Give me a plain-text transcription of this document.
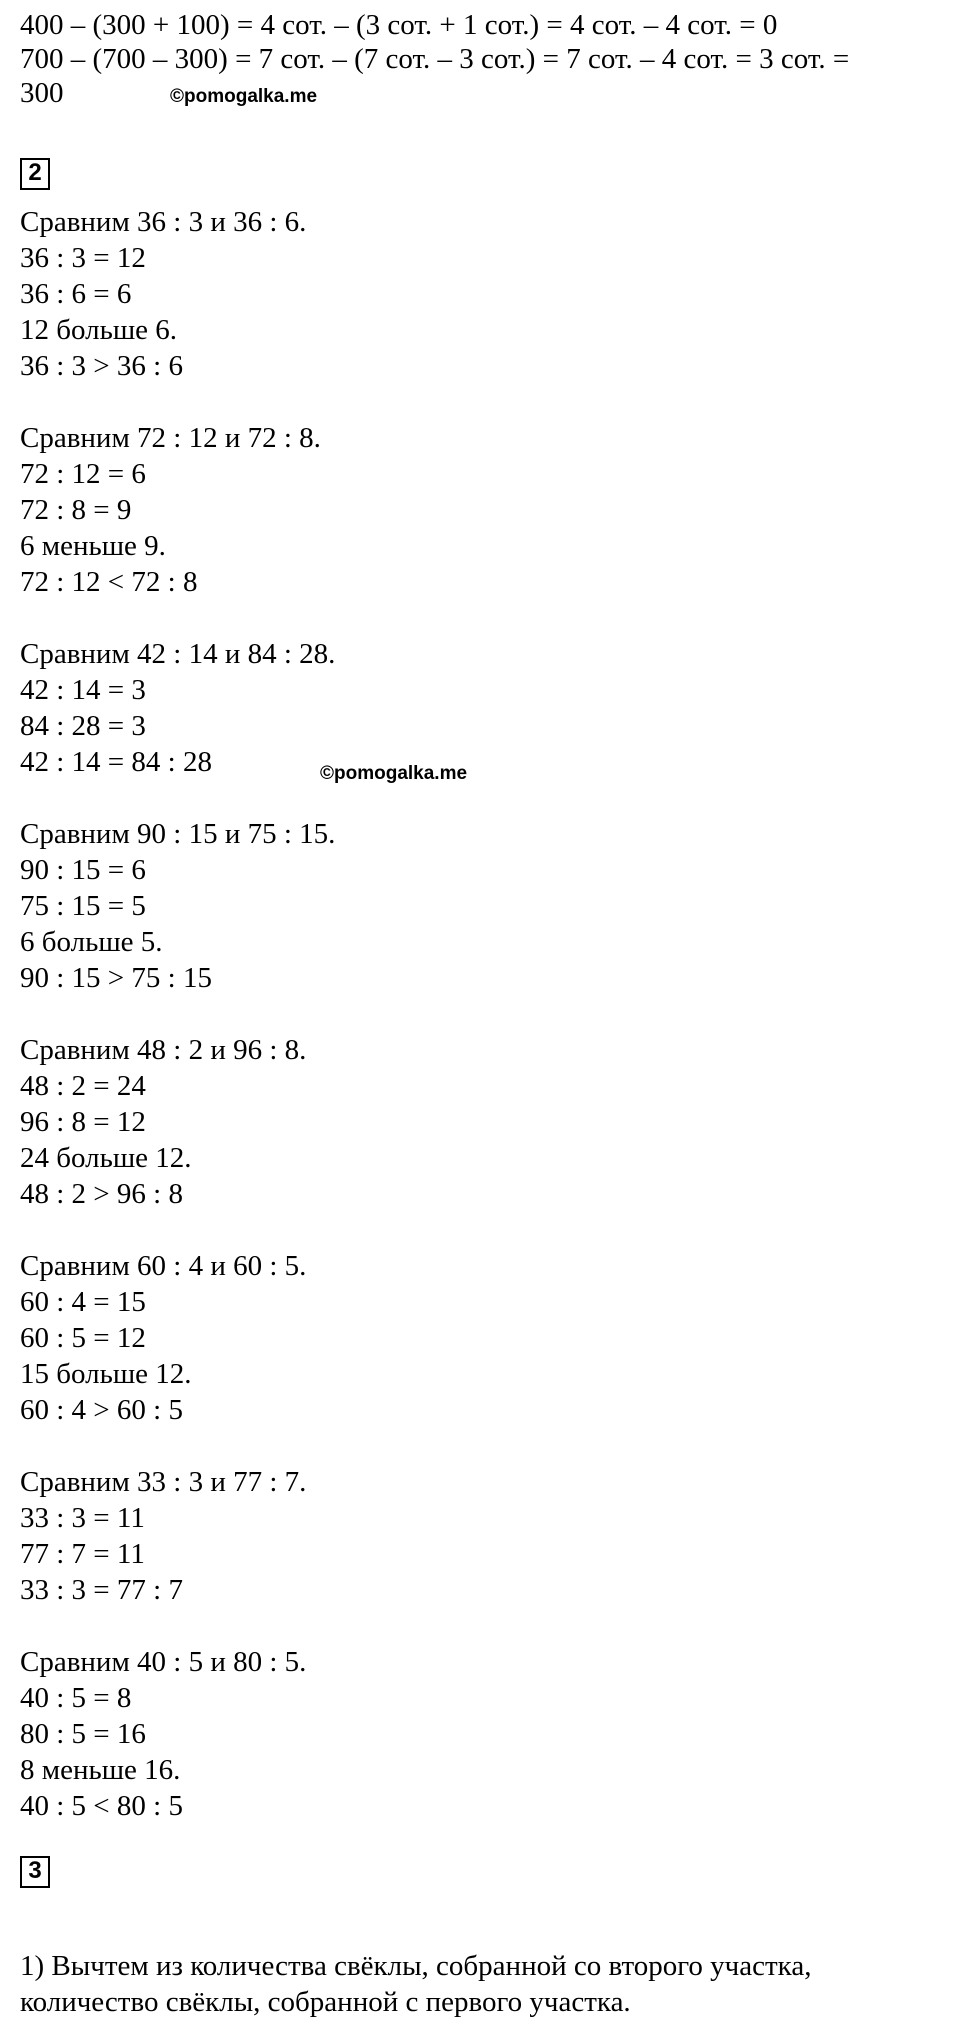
400 – (300 + 100) = 4 сот. – (3 сот. + 1 сот.) = 4 сот. – 4 сот. = 0

700 – (700 – 300) = 7 сот. – (7 сот. – 3 сот.) = 7 сот. – 4 сот. = 3 сот. =

300	©pomogalka.me
2

Сравним 36 : 3 и 36 : 6.

36 : 3 = 12

36 : 6 = 6

12 больше 6.

36 : 3 > 36 : 6

Сравним 72 : 12 и 72 : 8.

72 : 12 = 6

72 : 8 = 9

6 меньше 9.

72 : 12 < 72 : 8

Сравним 42 : 14 и 84 : 28.

42 : 14 = 3

84 : 28 = 3

42 : 14 = 84 : 28

Сравним 90 : 15 и 75 : 15.

90 : 15 = 6

75 : 15 = 5

6 больше 5.

90 : 15 > 75 : 15

Сравним 48 : 2 и 96 : 8.

48 : 2 = 24

96 : 8 = 12

24 больше 12.

48 : 2 > 96 : 8

Сравним 60 : 4 и 60 : 5.

60 : 4 = 15

60 : 5 = 12

15 больше 12.

60 : 4 > 60 : 5

Сравним 33 : 3 и 77 : 7.

33 : 3 = 11

77 : 7 = 11

33 : 3 = 77 : 7

Сравним 40 : 5 и 80 : 5.

40 : 5 = 8

80 : 5 = 16

8 меньше 16.

40 : 5 < 80 : 5

©pomogalka.me
3

1) Вычтем из количества свёклы, собранной со второго участка,

количество свёклы, собранной с первого участка.
